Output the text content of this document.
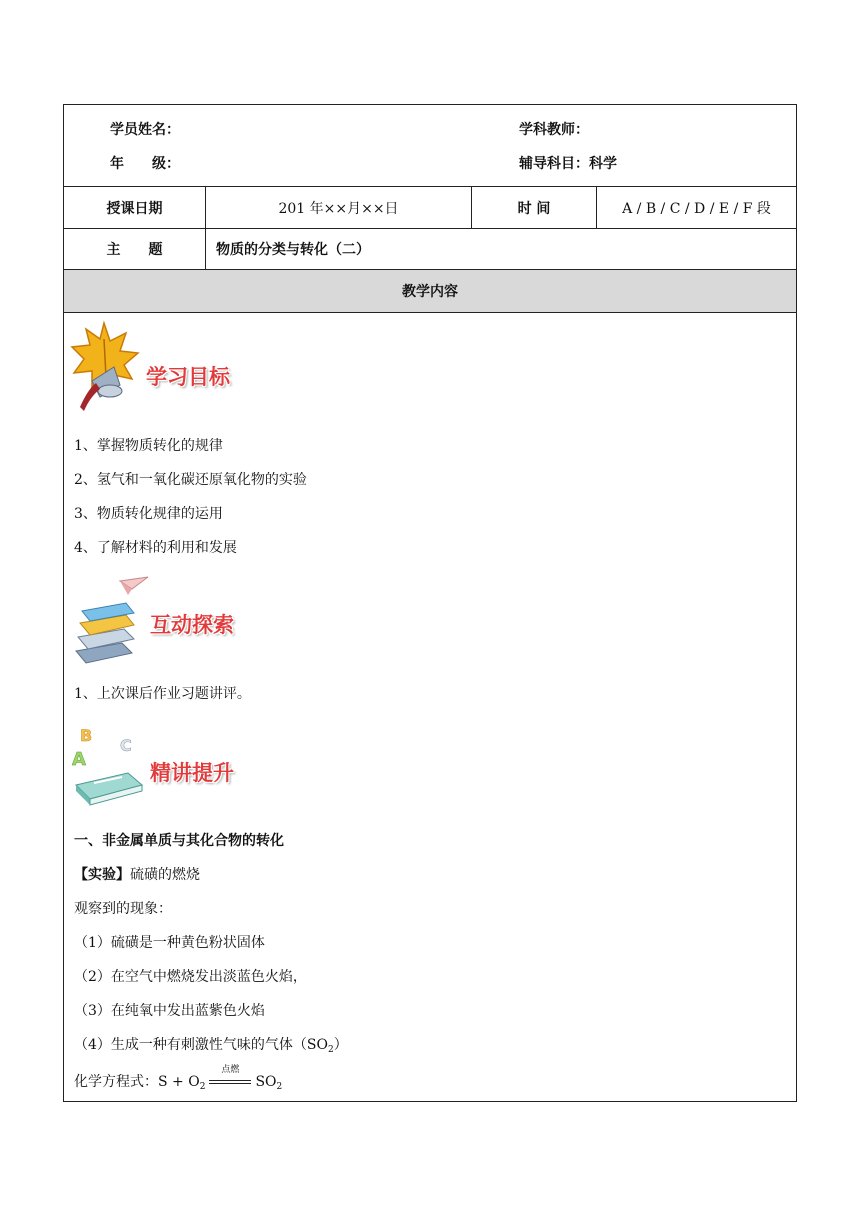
学员姓名：	学科教师：
年　　级：	辅导科目：科学
授课日期	201 年××月××日	时 间	A / B / C / D / E / F 段
主　　题	物质的分类与转化（二）
教学内容
学习目标
1、掌握物质转化的规律
2、氢气和一氧化碳还原氧化物的实验
3、物质转化规律的运用
4、了解材料的利用和发展
互动探索
1、上次课后作业习题讲评。
B
C
A
精讲提升
一、非金属单质与其化合物的转化
【实验】硫磺的燃烧
观察到的现象：
（1）硫磺是一种黄色粉状固体
（2）在空气中燃烧发出淡蓝色火焰，
（3）在纯氧中发出蓝紫色火焰
（4）生成一种有刺激性气味的气体$(SO_2)$
化学方程式：$S + O_2$
点燃
$SO_2$
